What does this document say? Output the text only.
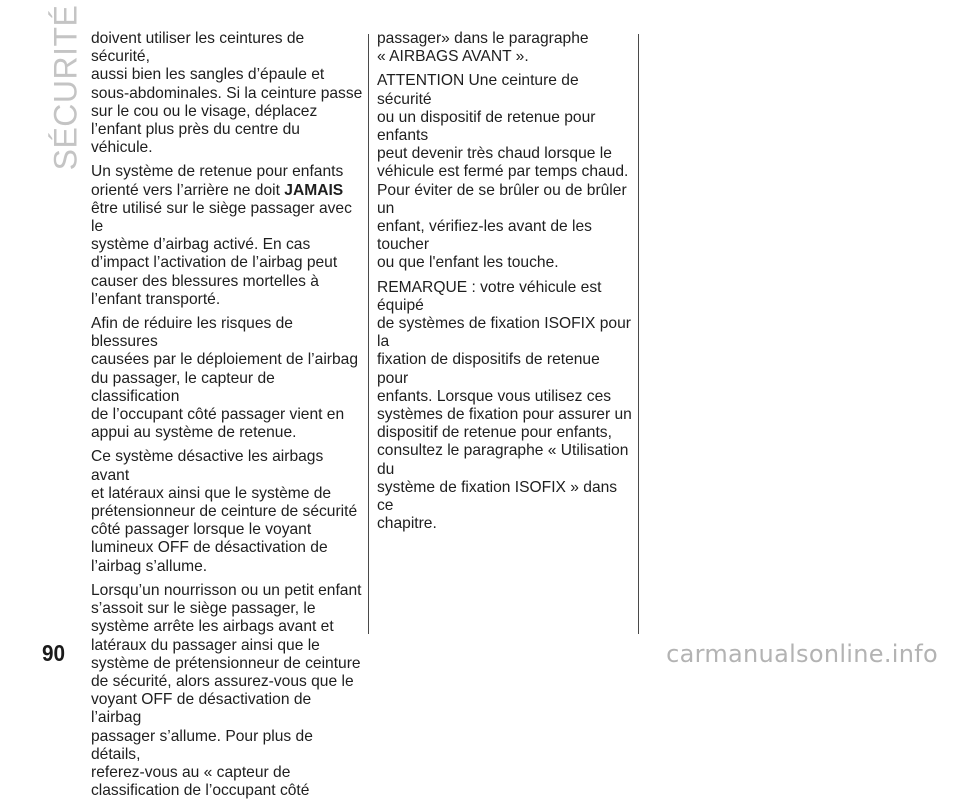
SÉCURITÉ doivent utiliser les ceintures de sécurité,
aussi bien les sangles d’épaule et
sous-abdominales. Si la ceinture passe
sur le cou ou le visage, déplacez
l’enfant plus près du centre du véhicule.

Un système de retenue pour enfants
orienté vers l’arrière ne doit JAMAIS
être utilisé sur le siège passager avec le
système d’airbag activé. En cas
d’impact l’activation de l’airbag peut
causer des blessures mortelles à
l’enfant transporté.

Afin de réduire les risques de blessures
causées par le déploiement de l’airbag
du passager, le capteur de classification
de l’occupant côté passager vient en
appui au système de retenue.

Ce système désactive les airbags avant
et latéraux ainsi que le système de
prétensionneur de ceinture de sécurité
côté passager lorsque le voyant
lumineux OFF de désactivation de
l’airbag s’allume.

Lorsqu’un nourrisson ou un petit enfant
s’assoit sur le siège passager, le
système arrête les airbags avant et
latéraux du passager ainsi que le
système de prétensionneur de ceinture
de sécurité, alors assurez-vous que le
voyant OFF de désactivation de l’airbag
passager s’allume. Pour plus de détails,
referez-vous au « capteur de
classification de l’occupant côté

passager» dans le paragraphe
« AIRBAGS AVANT ».

ATTENTION Une ceinture de sécurité
ou un dispositif de retenue pour enfants
peut devenir très chaud lorsque le
véhicule est fermé par temps chaud.
Pour éviter de se brûler ou de brûler un
enfant, vérifiez-les avant de les toucher
ou que l'enfant les touche.

REMARQUE : votre véhicule est équipé
de systèmes de fixation ISOFIX pour la
fixation de dispositifs de retenue pour
enfants. Lorsque vous utilisez ces
systèmes de fixation pour assurer un
dispositif de retenue pour enfants,
consultez le paragraphe « Utilisation du
système de fixation ISOFIX » dans ce
chapitre.

90	carmanualsonline.info
